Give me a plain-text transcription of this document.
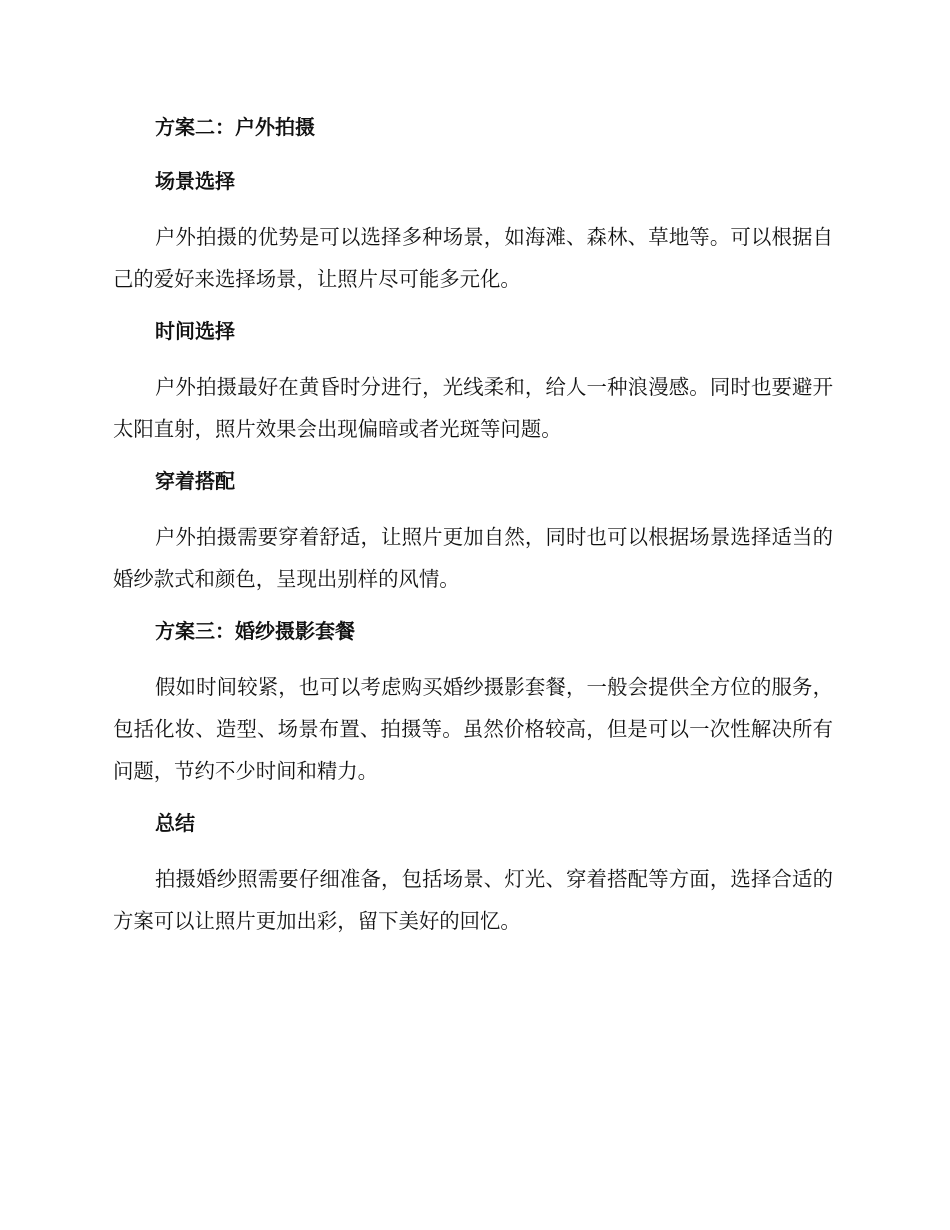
方案二：户外拍摄
场景选择

户外拍摄的优势是可以选择多种场景，如海滩、森林、草地等。可以根据自己的爱好来选择场景，让照片尽可能多元化。

时间选择

户外拍摄最好在黄昏时分进行，光线柔和，给人一种浪漫感。同时也要避开太阳直射，照片效果会出现偏暗或者光斑等问题。

穿着搭配

户外拍摄需要穿着舒适，让照片更加自然，同时也可以根据场景选择适当的婚纱款式和颜色，呈现出别样的风情。

方案三：婚纱摄影套餐

假如时间较紧，也可以考虑购买婚纱摄影套餐，一般会提供全方位的服务，包括化妆、造型、场景布置、拍摄等。虽然价格较高，但是可以一次性解决所有问题，节约不少时间和精力。

总结

拍摄婚纱照需要仔细准备，包括场景、灯光、穿着搭配等方面，选择合适的方案可以让照片更加出彩，留下美好的回忆。
